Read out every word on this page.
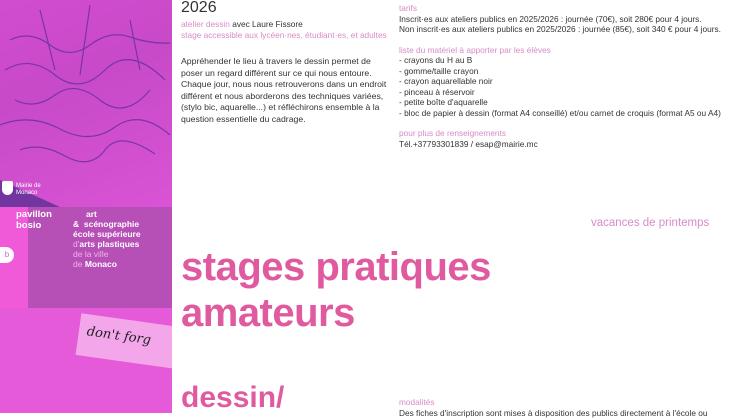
Mairie de Monaco
pavillon
bosio
b
art
& scénographie
école supérieure
d'arts plastiques
de la ville
de Monaco
don't forg
2026

atelier dessin avec Laure Fissore

stage accessible aux lycéen·nes, étudiant·es, et adultes

Appréhender le lieu à travers le dessin permet de poser un regard différent sur ce qui nous entoure. Chaque jour, nous nous retrouverons dans un endroit différent et nous aborderons des techniques variées, (stylo bic, aquarelle...) et réfléchirons ensemble à la question essentielle du cadrage.

tarifs

Inscrit·es aux ateliers publics en 2025/2026 : journée (70€), soit 280€ pour 4 jours.

Non inscrit·es aux ateliers publics en 2025/2026 : journée (85€), soit 340 € pour 4 jours.

liste du matériel à apporter par les élèves

- crayons du H au B

- gomme/taille crayon

- crayon aquarellable noir

- pinceau à réservoir

- petite boîte d'aquarelle

- bloc de papier à dessin (format A4 conseillé) et/ou carnet de croquis (format A5 ou A4)

pour plus de renseignements

Tél.+37793301839 / esap@mairie.mc

vacances de printemps
stages pratiques
amateurs
dessin/	modalités

Des fiches d'inscription sont mises à disposition des publics directement à l'école ou
